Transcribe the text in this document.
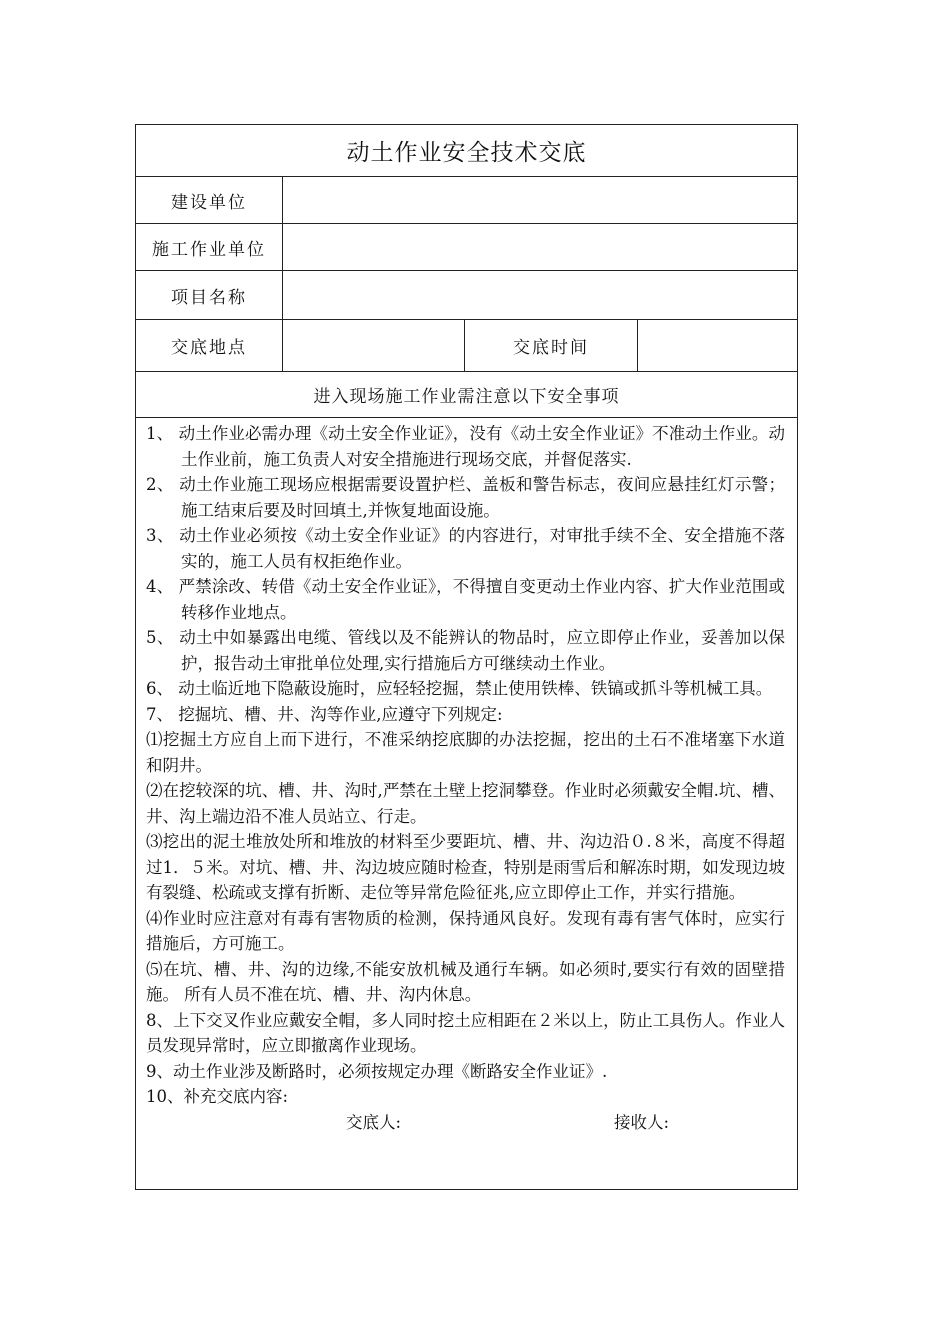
动土作业安全技术交底
建设单位
施工作业单位
项目名称
交底地点	交底时间
进入现场施工作业需注意以下安全事项

1、 动土作业必需办理《动土安全作业证》，没有《动土安全作业证》不准动土作业。动土作业前，施工负责人对安全措施进行现场交底，并督促落实.

2、 动土作业施工现场应根据需要设置护栏、盖板和警告标志，夜间应悬挂红灯示警；施工结束后要及时回填土,并恢复地面设施。

3、 动土作业必须按《动土安全作业证》的内容进行，对审批手续不全、安全措施不落实的，施工人员有权拒绝作业。

4、 严禁涂改、转借《动土安全作业证》，不得擅自变更动土作业内容、扩大作业范围或转移作业地点。

5、 动土中如暴露出电缆、管线以及不能辨认的物品时，应立即停止作业，妥善加以保护，报告动土审批单位处理,实行措施后方可继续动土作业。

6、 动土临近地下隐蔽设施时，应轻轻挖掘，禁止使用铁棒、铁镐或抓斗等机械工具。

7、 挖掘坑、槽、井、沟等作业,应遵守下列规定:

⑴挖掘土方应自上而下进行，不准采纳挖底脚的办法挖掘，挖出的土石不准堵塞下水道和阴井。

⑵在挖较深的坑、槽、井、沟时,严禁在土壁上挖洞攀登。作业时必须戴安全帽.坑、槽、井、沟上端边沿不准人员站立、行走。

⑶挖出的泥土堆放处所和堆放的材料至少要距坑、槽、井、沟边沿０.８米，高度不得超过1．５米。对坑、槽、井、沟边坡应随时检查，特别是雨雪后和解冻时期，如发现边坡有裂缝、松疏或支撑有折断、走位等异常危险征兆,应立即停止工作，并实行措施。

⑷作业时应注意对有毒有害物质的检测，保持通风良好。发现有毒有害气体时，应实行措施后，方可施工。

⑸在坑、槽、井、沟的边缘,不能安放机械及通行车辆。如必须时,要实行有效的固壁措施。 所有人员不准在坑、槽、井、沟内休息。

8、上下交叉作业应戴安全帽，多人同时挖土应相距在２米以上，防止工具伤人。作业人员发现异常时，应立即撤离作业现场。

9、动土作业涉及断路时，必须按规定办理《断路安全作业证》.

10、补充交底内容:

交底人:	接收人:
